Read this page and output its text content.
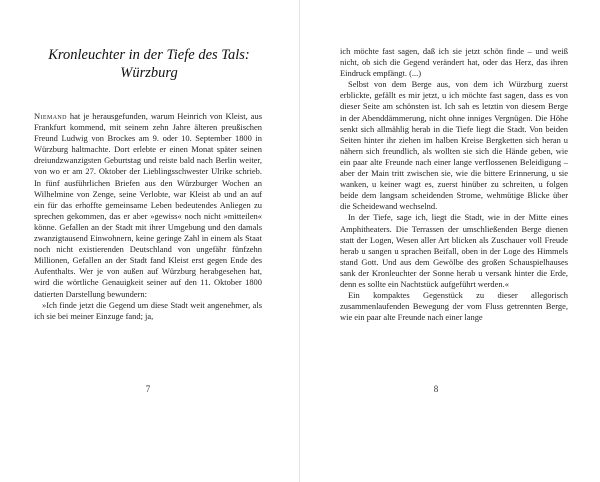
Kronleuchter in der Tiefe des Tals:
Würzburg

Niemand hat je herausgefunden, warum Heinrich von Kleist, aus Frankfurt kommend, mit seinem zehn Jahre älteren preußischen Freund Ludwig von Brockes am 9. oder 10. September 1800 in Würzburg haltmachte. Dort erlebte er einen Monat später seinen dreiundzwanzigsten Geburtstag und reiste bald nach Berlin weiter, von wo er am 27. Oktober der Lieblingsschwester Ulrike schrieb. In fünf ausführlichen Briefen aus den Würzburger Wochen an Wilhelmine von Zenge, seine Verlobte, war Kleist ab und an auf ein für das erhoffte gemeinsame Leben bedeutendes Anliegen zu sprechen gekommen, das er aber »gewiss« noch nicht »mitteilen« könne. Gefallen an der Stadt mit ihrer Umgebung und den damals zwanzigtausend Einwohnern, keine geringe Zahl in einem als Staat noch nicht existierenden Deutschland von ungefähr fünfzehn Millionen, Gefallen an der Stadt fand Kleist erst gegen Ende des Aufenthalts. Wer je von außen auf Würzburg herabgesehen hat, wird die wörtliche Genauigkeit seiner auf den 11. Oktober 1800 datierten Darstellung bewundern:

»Ich finde jetzt die Gegend um diese Stadt weit angenehmer, als ich sie bei meiner Einzuge fand; ja,

7

ich möchte fast sagen, daß ich sie jetzt schön finde – und weiß nicht, ob sich die Gegend verändert hat, oder das Herz, das ihren Eindruck empfängt. (...)

Selbst von dem Berge aus, von dem ich Würzburg zuerst erblickte, gefällt es mir jetzt, u ich möchte fast sagen, dass es von dieser Seite am schönsten ist. Ich sah es letztin von diesem Berge in der Abenddämmerung, nicht ohne inniges Vergnügen. Die Höhe senkt sich allmählig herab in die Tiefe liegt die Stadt. Von beiden Seiten hinter ihr ziehen im halben Kreise Bergketten sich heran u nähern sich freundlich, als wollten sie sich die Hände geben, wie ein paar alte Freunde nach einer lange verflossenen Beleidigung – aber der Main tritt zwischen sie, wie die bittere Erinnerung, u sie wanken, u keiner wagt es, zuerst hinüber zu schreiten, u folgen beide dem langsam scheidenden Strome, wehmütige Blicke über die Scheidewand wechselnd.

In der Tiefe, sage ich, liegt die Stadt, wie in der Mitte eines Amphitheaters. Die Terrassen der umschließenden Berge dienen statt der Logen, Wesen aller Art blicken als Zuschauer voll Freude herab u sangen u sprachen Beifall, oben in der Loge des Himmels stand Gott. Und aus dem Gewölbe des großen Schauspielhauses sank der Kronleuchter der Sonne herab u versank hinter die Erde, denn es sollte ein Nachtstück aufgeführt werden.«

Ein kompaktes Gegenstück zu dieser allegorisch zusammenlaufenden Bewegung der vom Fluss getrennten Berge, wie ein paar alte Freunde nach einer lange

8
